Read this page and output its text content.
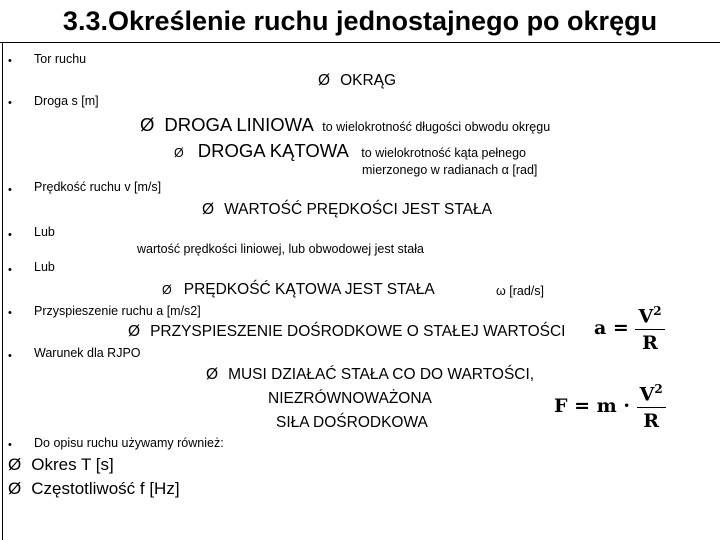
3.3.Określenie ruchu jednostajnego po okręgu
• Tor ruchu
• Droga s [m]
• Prędkość ruchu v [m/s]
• Lub
• Lub
• Przyspieszenie ruchu a [m/s2]
• Warunek dla RJPO
• Do opisu ruchu używamy również:
Ø OKRĄG
Ø DROGA LINIOWA to wielokrotność długości obwodu okręgu
Ø DROGA KĄTOWA to wielokrotność kąta pełnego
mierzonego w radianach α [rad]
Ø WARTOŚĆ PRĘDKOŚCI JEST STAŁA
wartość prędkości liniowej, lub obwodowej jest stała
Ø PRĘDKOŚĆ KĄTOWA JEST STAŁA	ω [rad/s]
Ø PRZYSPIESZENIE DOŚRODKOWE O STAŁEJ WARTOŚCI $a = \frac{V^2}{R}$
Ø MUSI DZIAŁAĆ STAŁA CO DO WARTOŚCI,
NIEZRÓWNOWAŻONA
SIŁA DOŚRODKOWA
$F = m \cdot \frac{V^2}{R}$
Ø Okres T [s]
Ø Częstotliwość f [Hz]
